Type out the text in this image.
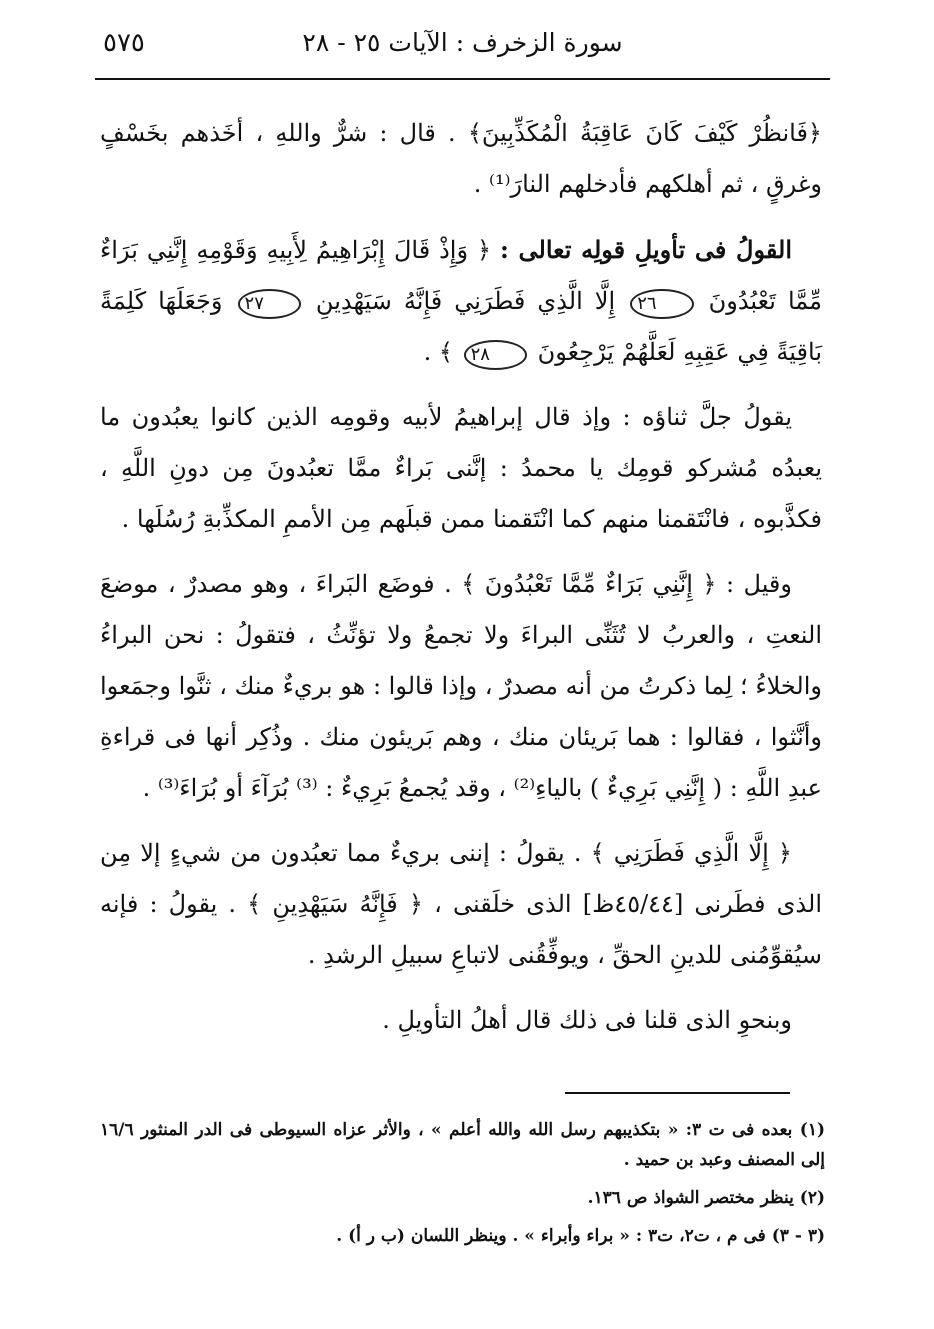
سورة الزخرف : الآيات ٢٥ - ٢٨
٥٧٥

﴿فَانظُرْ كَيْفَ كَانَ عَاقِبَةُ الْمُكَذِّبِينَ﴾ . قال : شرٌّ واللهِ ، أخَذهم بخَسْفٍ وغرقٍ ، ثم أهلكهم فأدخلهم النارَ⁽¹⁾ .

القولُ فى تأويلِ قولِه تعالى : ﴿ وَإِذْ قَالَ إِبْرَاهِيمُ لِأَبِيهِ وَقَوْمِهِ إِنَّنِي بَرَاءٌ مِّمَّا تَعْبُدُونَ ٢٦ إِلَّا الَّذِي فَطَرَنِي فَإِنَّهُ سَيَهْدِينِ ٢٧ وَجَعَلَهَا كَلِمَةً بَاقِيَةً فِي عَقِبِهِ لَعَلَّهُمْ يَرْجِعُونَ ٢٨ ﴾ .

يقولُ جلَّ ثناؤه : وإذ قال إبراهيمُ لأبيه وقومِه الذين كانوا يعبُدون ما يعبدُه مُشركو قومِك يا محمدُ : إنَّنى بَراءٌ ممَّا تعبُدونَ مِن دونِ اللَّهِ ، فكذَّبوه ، فانْتَقمنا منهم كما انْتَقمنا ممن قبلَهم مِن الأممِ المكذِّبةِ رُسُلَها .

وقيل : ﴿ إِنَّنِي بَرَاءٌ مِّمَّا تَعْبُدُونَ ﴾ . فوضَع البَراءَ ، وهو مصدرٌ ، موضعَ النعتِ ، والعربُ لا تُثَنِّى البراءَ ولا تجمعُ ولا تؤنِّثُ ، فتقولُ : نحن البراءُ والخلاءُ ؛ لِما ذكرتُ من أنه مصدرٌ ، وإذا قالوا : هو بريءٌ منك ، ثنَّوا وجمَعوا وأنَّثوا ، فقالوا : هما بَريئان منك ، وهم بَريئون منك . وذُكِر أنها فى قراءةِ عبدِ اللَّهِ : ( إِنَّنِي بَرِيءٌ ) بالياءِ⁽²⁾ ، وقد يُجمعُ بَرِيءٌ : ⁽³⁾ بُرَآءَ أو بُرَاءَ⁽³⁾ .

﴿ إِلَّا الَّذِي فَطَرَنِي ﴾ . يقولُ : إننى بريءٌ مما تعبُدون من شيءٍ إلا مِن الذى فطَرنى [٤٥/٤٤ظ] الذى خلَقنى ، ﴿ فَإِنَّهُ سَيَهْدِينِ ﴾ . يقولُ : فإنه سيُقوِّمُنى للدينِ الحقِّ ، ويوفِّقُنى لاتباعِ سبيلِ الرشدِ .

وبنحوِ الذى قلنا فى ذلك قال أهلُ التأويلِ .

(١) بعده فى ت ٣: « بتكذيبهم رسل الله والله أعلم » ، والأثر عزاه السيوطى فى الدر المنثور ١٦/٦ إلى المصنف وعبد بن حميد .

(٢) ينظر مختصر الشواذ ص ١٣٦.

(٣ - ٣) فى م ، ت٢، ت٣ : « براء وأبراء » . وينظر اللسان (ب ر أ) .
